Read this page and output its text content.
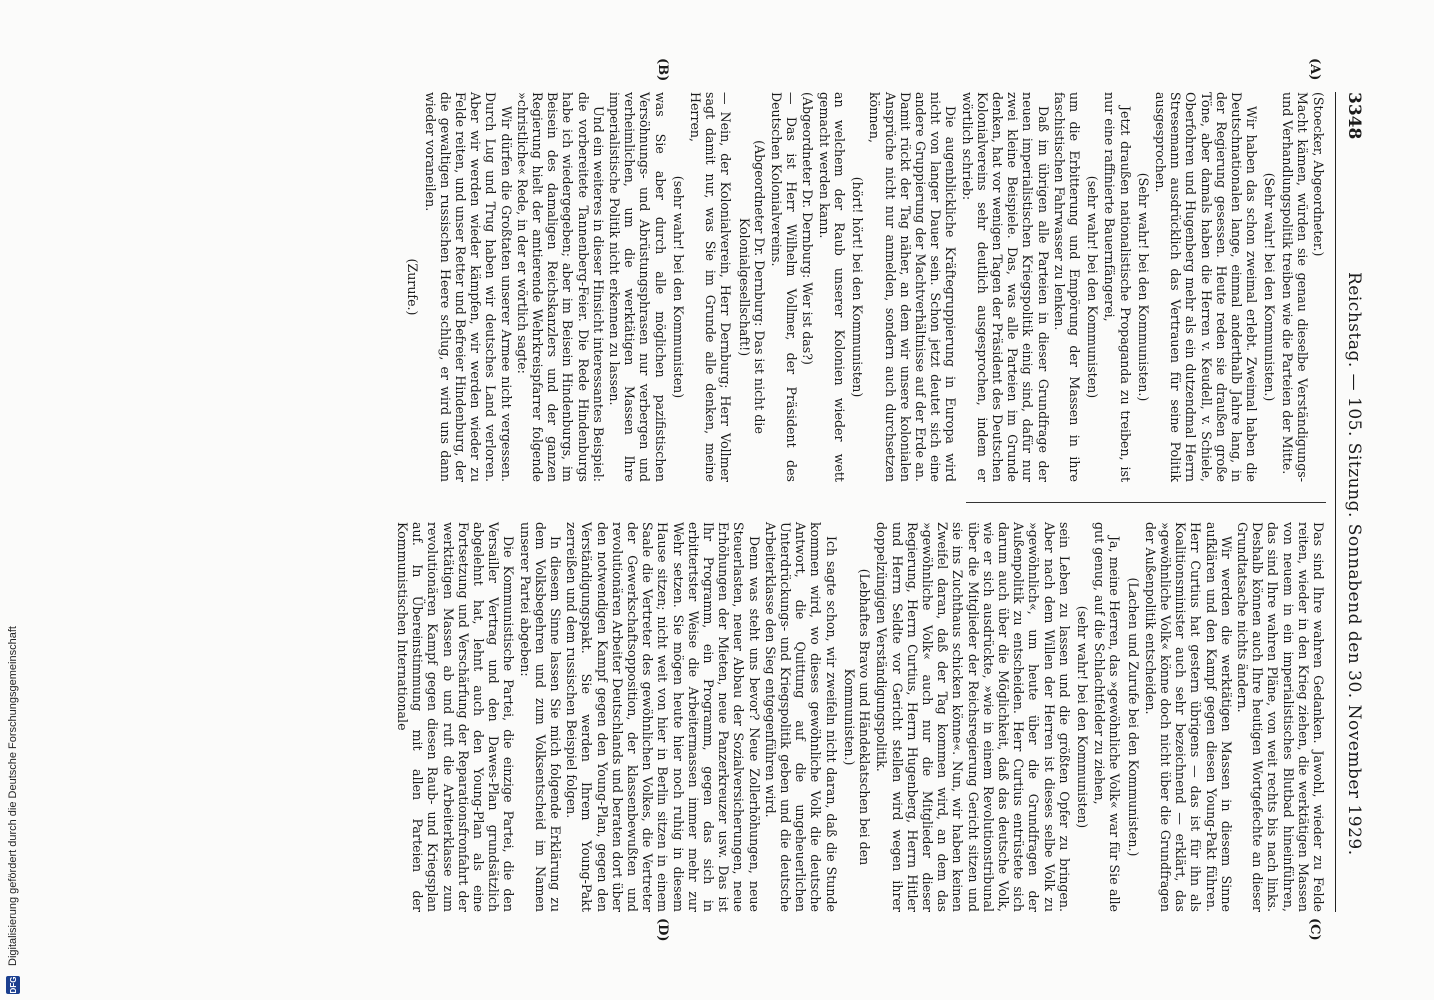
3348
Reichstag. — 105. Sitzung. Sonnabend den 30. November 1929.
(A)
(B)
(C)
(D)

(Stoecker, Abgeordneter.)

Macht kämen, würden sie genau dieselbe Verständigungs- und Verhandlungspolitik treiben wie die Parteien der Mitte.

(Sehr wahr! bei den Kommunisten.)

Wir haben das schon zweimal erlebt. Zweimal haben die Deutschnationalen lange, einmal anderthalb Jahre lang, in der Regierung gesessen. Heute reden sie draußen große Töne, aber damals haben die Herren v. Keudell, v. Schiele, Oberfohren und Hugenberg mehr als ein dutzendmal Herrn Stresemann ausdrücklich das Vertrauen für seine Politik ausgesprochen.

(Sehr wahr! bei den Kommunisten.)

Jetzt draußen nationalistische Propaganda zu treiben, ist nur eine raffinierte Bauernfängerei,

(sehr wahr! bei den Kommunisten)

um die Erbitterung und Empörung der Massen in ihre faschistischen Fahrwasser zu lenken.

Daß im übrigen alle Parteien in dieser Grundfrage der neuen imperialistischen Kriegspolitik einig sind, dafür nur zwei kleine Beispiele. Das, was alle Parteien im Grunde denken, hat vor wenigen Tagen der Präsident des Deutschen Kolonialvereins sehr deutlich ausgesprochen, indem er wörtlich schrieb:

Die augenblickliche Kräftegruppierung in Europa wird nicht von langer Dauer sein. Schon jetzt deutet sich eine andere Gruppierung der Machtverhältnisse auf der Erde an. Damit rückt der Tag näher, an dem wir unsere kolonialen Ansprüche nicht nur anmelden, sondern auch durchsetzen können,

(hört! hört! bei den Kommunisten)

an welchem der Raub unserer Kolonien wieder wett gemacht werden kann.

(Abgeordneter Dr. Dernburg: Wer ist das?)

— Das ist Herr Wilhelm Vollmer, der Präsident des Deutschen Kolonialvereins.

(Abgeordneter Dr. Dernburg: Das ist nicht die Kolonialgesellschaft!)

— Nein, der Kolonialverein, Herr Dernburg; Herr Vollmer sagt damit nur, was Sie im Grunde alle denken, meine Herren,

(sehr wahr! bei den Kommunisten)

was Sie aber durch alle möglichen pazifistischen Versöhnungs- und Abrüstungsphrasen nur verbergen und verheimlichen, um die werktätigen Massen Ihre imperialistische Politik nicht erkennen zu lassen.

Und ein weiteres in dieser Hinsicht interessantes Beispiel: die vorbereitete Tannenberg-Feier. Die Rede Hindenburgs habe ich wiedergegeben; aber im Beisein Hindenburgs, im Beisein des damaligen Reichskanzlers und der ganzen Regierung hielt der amtierende Wehrkreispfarrer folgende »christliche« Rede, in der er wörtlich sagte:

Wir dürfen die Großtaten unserer Armee nicht vergessen. Durch Lug und Trug haben wir deutsches Land verloren. Aber wir werden wieder kämpfen, wir werden wieder zu Felde reiten, und unser Retter und Befreier Hindenburg, der die gewaltigen russischen Heere schlug, er wird uns dann wieder voraneilen.

(Zurufe.)

Das sind Ihre wahren Gedanken. Jawohl, wieder zu Felde reiten, wieder in den Krieg ziehen, die werktätigen Massen von neuem in ein imperialistisches Blutbad hineinführen, das sind Ihre wahren Pläne, von weit rechts bis nach links. Deshalb können auch Ihre heutigen Wortgefechte an dieser Grundtatsache nichts ändern.

Wir werden die werktätigen Massen in diesem Sinne aufklären und den Kampf gegen diesen Young-Pakt führen. Herr Curtius hat gestern übrigens — das ist für ihn als Koalitionsminister auch sehr bezeichnend — erklärt, das »gewöhnliche Volk« könne doch nicht über die Grundfragen der Außenpolitik entscheiden.

(Lachen und Zurufe bei den Kommunisten.)

Ja, meine Herren, das »gewöhnliche Volk« war für Sie alle gut genug, auf die Schlachtfelder zu ziehen,

(sehr wahr! bei den Kommunisten)

sein Leben zu lassen und die größten Opfer zu bringen. Aber nach dem Willen der Herren ist dieses selbe Volk zu »gewöhnlich«, um heute über die Grundfragen der Außenpolitik zu entscheiden. Herr Curtius entrüstete sich darum auch über die Möglichkeit, daß das deutsche Volk, wie er sich ausdrückte, »wie in einem Revolutionstribunal über die Mitglieder der Reichsregierung Gericht sitzen und sie ins Zuchthaus schicken könne«. Nun, wir haben keinen Zweifel daran, daß der Tag kommen wird, an dem das »gewöhnliche Volk« auch nur die Mitglieder dieser Regierung, Herrn Curtius, Herrn Hugenberg, Herrn Hitler und Herrn Seldte vor Gericht stellen wird wegen ihrer doppelzüngigen Verständigungspolitik.

(Lebhaftes Bravo und Händeklatschen bei den Kommunisten.)

Ich sagte schon, wir zweifeln nicht daran, daß die Stunde kommen wird, wo dieses gewöhnliche Volk die deutsche Antwort, die Quittung auf die ungeheuerlichen Unterdrückungs- und Kriegspolitik geben und die deutsche Arbeiterklasse den Sieg entgegenführen wird.

Denn was steht uns bevor? Neue Zollerhöhungen, neue Steuerlasten, neuer Abbau der Sozialversicherungen, neue Erhöhungen der Mieten, neue Panzerkreuzer usw. Das ist Ihr Programm, ein Programm, gegen das sich in erbittertster Weise die Arbeitermassen immer mehr zur Wehr setzen. Sie mögen heute hier noch ruhig in diesem Hause sitzen; nicht weit von hier in Berlin sitzen in einem Saale die Vertreter des gewöhnlichen Volkes, die Vertreter der Gewerkschaftsopposition, der klassenbewußten und revolutionären Arbeiter Deutschlands und beraten dort über den notwendigen Kampf gegen den Young-Plan, gegen den Verständigungspakt. Sie werden Ihrem Young-Pakt zerreißen und dem russischen Beispiel folgen.

In diesem Sinne lassen Sie mich folgende Erklärung zu dem Volksbegehren und zum Volksentscheid im Namen unserer Partei abgeben:

Die Kommunistische Partei, die einzige Partei, die den Versailler Vertrag und den Dawes-Plan grundsätzlich abgelehnt hat, lehnt auch den Young-Plan als eine Fortsetzung und Verschärfung der Reparationsfronfahrt der werktätigen Massen ab und ruft die Arbeiterklasse zum revolutionären Kampf gegen diesen Raub- und Kriegsplan auf. In Übereinstimmung mit allen Parteien der Kommunistischen Internationale

DFG
Digitalisierung gefördert durch die Deutsche Forschungsgemeinschaft
